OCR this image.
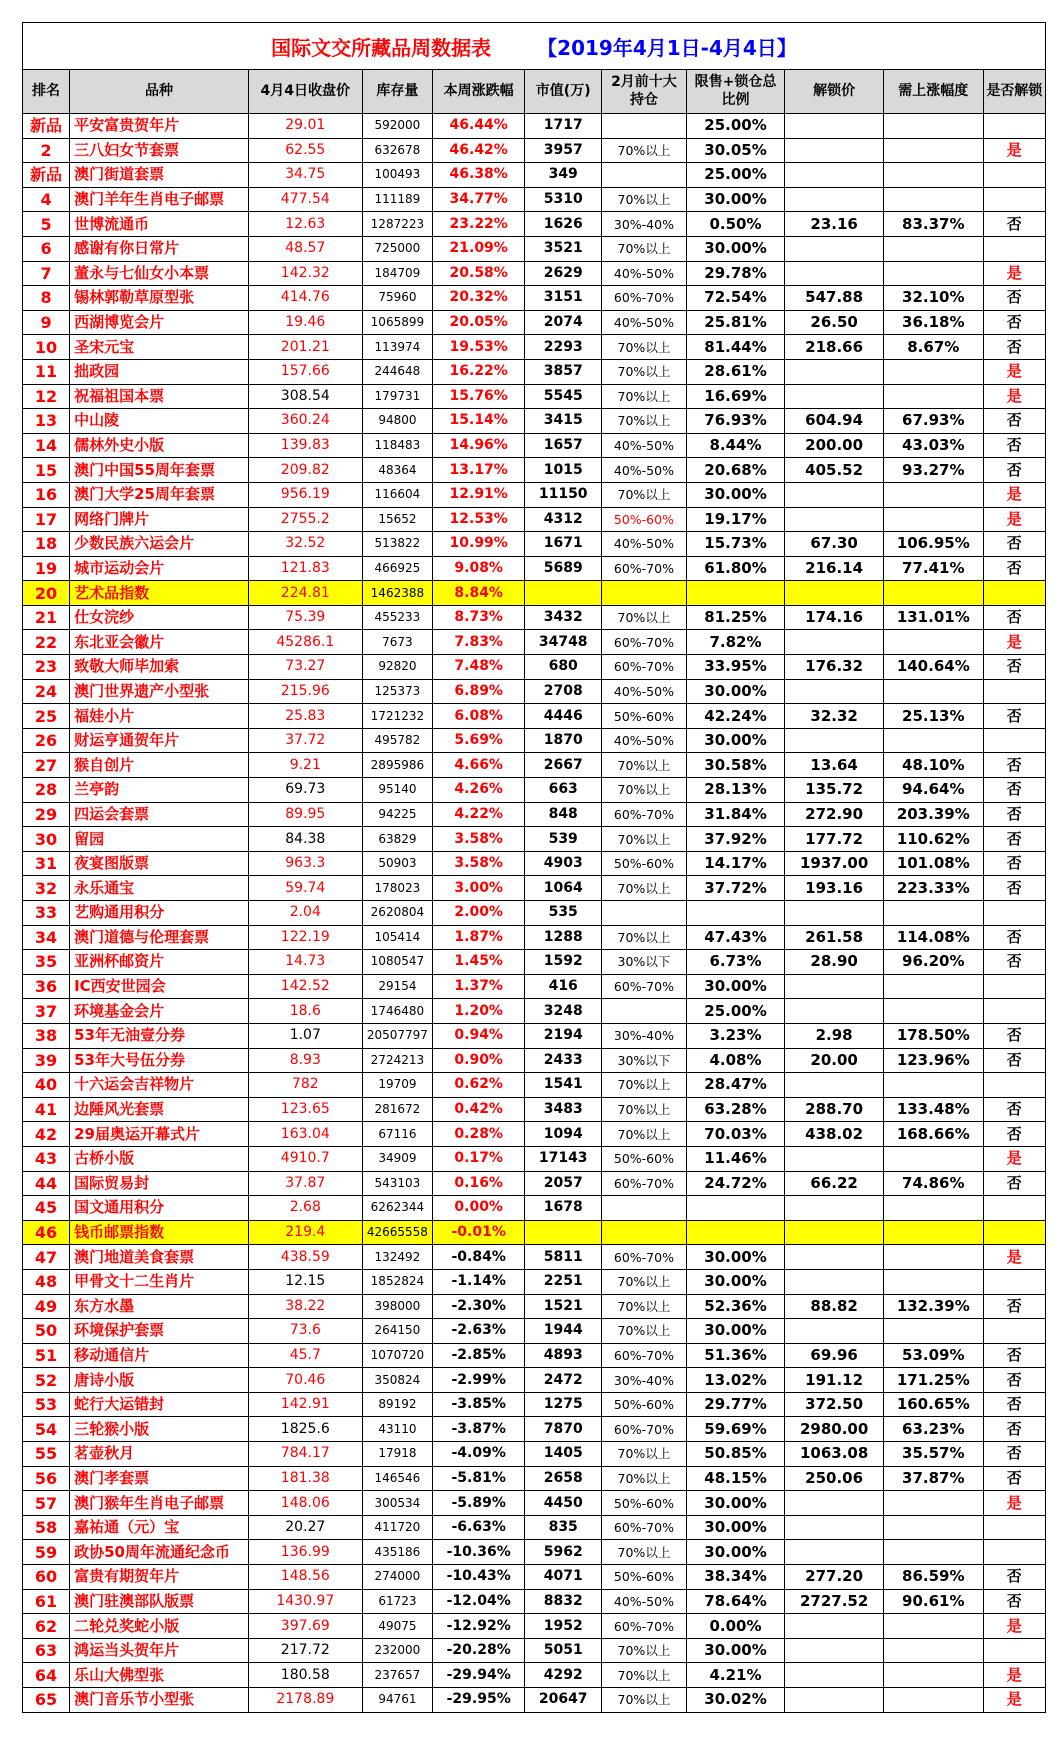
国际文交所藏品周数据表 【2019年4月1日-4月4日】
排名	品种	4月4日收盘价	库存量	本周涨跌幅	市值(万)	2月前十大持仓	限售+锁仓总比例	解锁价	需上涨幅度	是否解锁
新品	平安富贵贺年片	29.01	592000	46.44%	1717		25.00%			
2	三八妇女节套票	62.55	632678	46.42%	3957	70%以上	30.05%			是
新品	澳门街道套票	34.75	100493	46.38%	349		25.00%			
4	澳门羊年生肖电子邮票	477.54	111189	34.77%	5310	70%以上	30.00%			
5	世博流通币	12.63	1287223	23.22%	1626	30%-40%	0.50%	23.16	83.37%	否
6	感谢有你日常片	48.57	725000	21.09%	3521	70%以上	30.00%			
7	董永与七仙女小本票	142.32	184709	20.58%	2629	40%-50%	29.78%			是
8	锡林郭勒草原型张	414.76	75960	20.32%	3151	60%-70%	72.54%	547.88	32.10%	否
9	西湖博览会片	19.46	1065899	20.05%	2074	40%-50%	25.81%	26.50	36.18%	否
10	圣宋元宝	201.21	113974	19.53%	2293	70%以上	81.44%	218.66	8.67%	否
11	拙政园	157.66	244648	16.22%	3857	70%以上	28.61%			是
12	祝福祖国本票	308.54	179731	15.76%	5545	70%以上	16.69%			是
13	中山陵	360.24	94800	15.14%	3415	70%以上	76.93%	604.94	67.93%	否
14	儒林外史小版	139.83	118483	14.96%	1657	40%-50%	8.44%	200.00	43.03%	否
15	澳门中国55周年套票	209.82	48364	13.17%	1015	40%-50%	20.68%	405.52	93.27%	否
16	澳门大学25周年套票	956.19	116604	12.91%	11150	70%以上	30.00%			是
17	网络门牌片	2755.2	15652	12.53%	4312	50%-60%	19.17%			是
18	少数民族六运会片	32.52	513822	10.99%	1671	40%-50%	15.73%	67.30	106.95%	否
19	城市运动会片	121.83	466925	9.08%	5689	60%-70%	61.80%	216.14	77.41%	否
20	艺术品指数	224.81	1462388	8.84%						
21	仕女浣纱	75.39	455233	8.73%	3432	70%以上	81.25%	174.16	131.01%	否
22	东北亚会徽片	45286.1	7673	7.83%	34748	60%-70%	7.82%			是
23	致敬大师毕加索	73.27	92820	7.48%	680	60%-70%	33.95%	176.32	140.64%	否
24	澳门世界遗产小型张	215.96	125373	6.89%	2708	40%-50%	30.00%			
25	福娃小片	25.83	1721232	6.08%	4446	50%-60%	42.24%	32.32	25.13%	否
26	财运亨通贺年片	37.72	495782	5.69%	1870	40%-50%	30.00%			
27	猴自创片	9.21	2895986	4.66%	2667	70%以上	30.58%	13.64	48.10%	否
28	兰亭韵	69.73	95140	4.26%	663	70%以上	28.13%	135.72	94.64%	否
29	四运会套票	89.95	94225	4.22%	848	60%-70%	31.84%	272.90	203.39%	否
30	留园	84.38	63829	3.58%	539	70%以上	37.92%	177.72	110.62%	否
31	夜宴图版票	963.3	50903	3.58%	4903	50%-60%	14.17%	1937.00	101.08%	否
32	永乐通宝	59.74	178023	3.00%	1064	70%以上	37.72%	193.16	223.33%	否
33	艺购通用积分	2.04	2620804	2.00%	535					
34	澳门道德与伦理套票	122.19	105414	1.87%	1288	70%以上	47.43%	261.58	114.08%	否
35	亚洲杯邮资片	14.73	1080547	1.45%	1592	30%以下	6.73%	28.90	96.20%	否
36	IC西安世园会	142.52	29154	1.37%	416	60%-70%	30.00%			
37	环境基金会片	18.6	1746480	1.20%	3248		25.00%			
38	53年无油壹分券	1.07	20507797	0.94%	2194	30%-40%	3.23%	2.98	178.50%	否
39	53年大号伍分券	8.93	2724213	0.90%	2433	30%以下	4.08%	20.00	123.96%	否
40	十六运会吉祥物片	782	19709	0.62%	1541	70%以上	28.47%			
41	边陲风光套票	123.65	281672	0.42%	3483	70%以上	63.28%	288.70	133.48%	否
42	29届奥运开幕式片	163.04	67116	0.28%	1094	70%以上	70.03%	438.02	168.66%	否
43	古桥小版	4910.7	34909	0.17%	17143	50%-60%	11.46%			是
44	国际贸易封	37.87	543103	0.16%	2057	60%-70%	24.72%	66.22	74.86%	否
45	国文通用积分	2.68	6262344	0.00%	1678					
46	钱币邮票指数	219.4	42665558	-0.01%						
47	澳门地道美食套票	438.59	132492	-0.84%	5811	60%-70%	30.00%			是
48	甲骨文十二生肖片	12.15	1852824	-1.14%	2251	70%以上	30.00%			
49	东方水墨	38.22	398000	-2.30%	1521	70%以上	52.36%	88.82	132.39%	否
50	环境保护套票	73.6	264150	-2.63%	1944	70%以上	30.00%			
51	移动通信片	45.7	1070720	-2.85%	4893	60%-70%	51.36%	69.96	53.09%	否
52	唐诗小版	70.46	350824	-2.99%	2472	30%-40%	13.02%	191.12	171.25%	否
53	蛇行大运错封	142.91	89192	-3.85%	1275	50%-60%	29.77%	372.50	160.65%	否
54	三轮猴小版	1825.6	43110	-3.87%	7870	60%-70%	59.69%	2980.00	63.23%	否
55	茗壶秋月	784.17	17918	-4.09%	1405	70%以上	50.85%	1063.08	35.57%	否
56	澳门孝套票	181.38	146546	-5.81%	2658	70%以上	48.15%	250.06	37.87%	否
57	澳门猴年生肖电子邮票	148.06	300534	-5.89%	4450	50%-60%	30.00%			是
58	嘉祐通（元）宝	20.27	411720	-6.63%	835	60%-70%	30.00%			
59	政协50周年流通纪念币	136.99	435186	-10.36%	5962	70%以上	30.00%			
60	富贵有期贺年片	148.56	274000	-10.43%	4071	50%-60%	38.34%	277.20	86.59%	否
61	澳门驻澳部队版票	1430.97	61723	-12.04%	8832	40%-50%	78.64%	2727.52	90.61%	否
62	二轮兑奖蛇小版	397.69	49075	-12.92%	1952	60%-70%	0.00%			是
63	鸿运当头贺年片	217.72	232000	-20.28%	5051	70%以上	30.00%			
64	乐山大佛型张	180.58	237657	-29.94%	4292	70%以上	4.21%			是
65	澳门音乐节小型张	2178.89	94761	-29.95%	20647	70%以上	30.02%			是
